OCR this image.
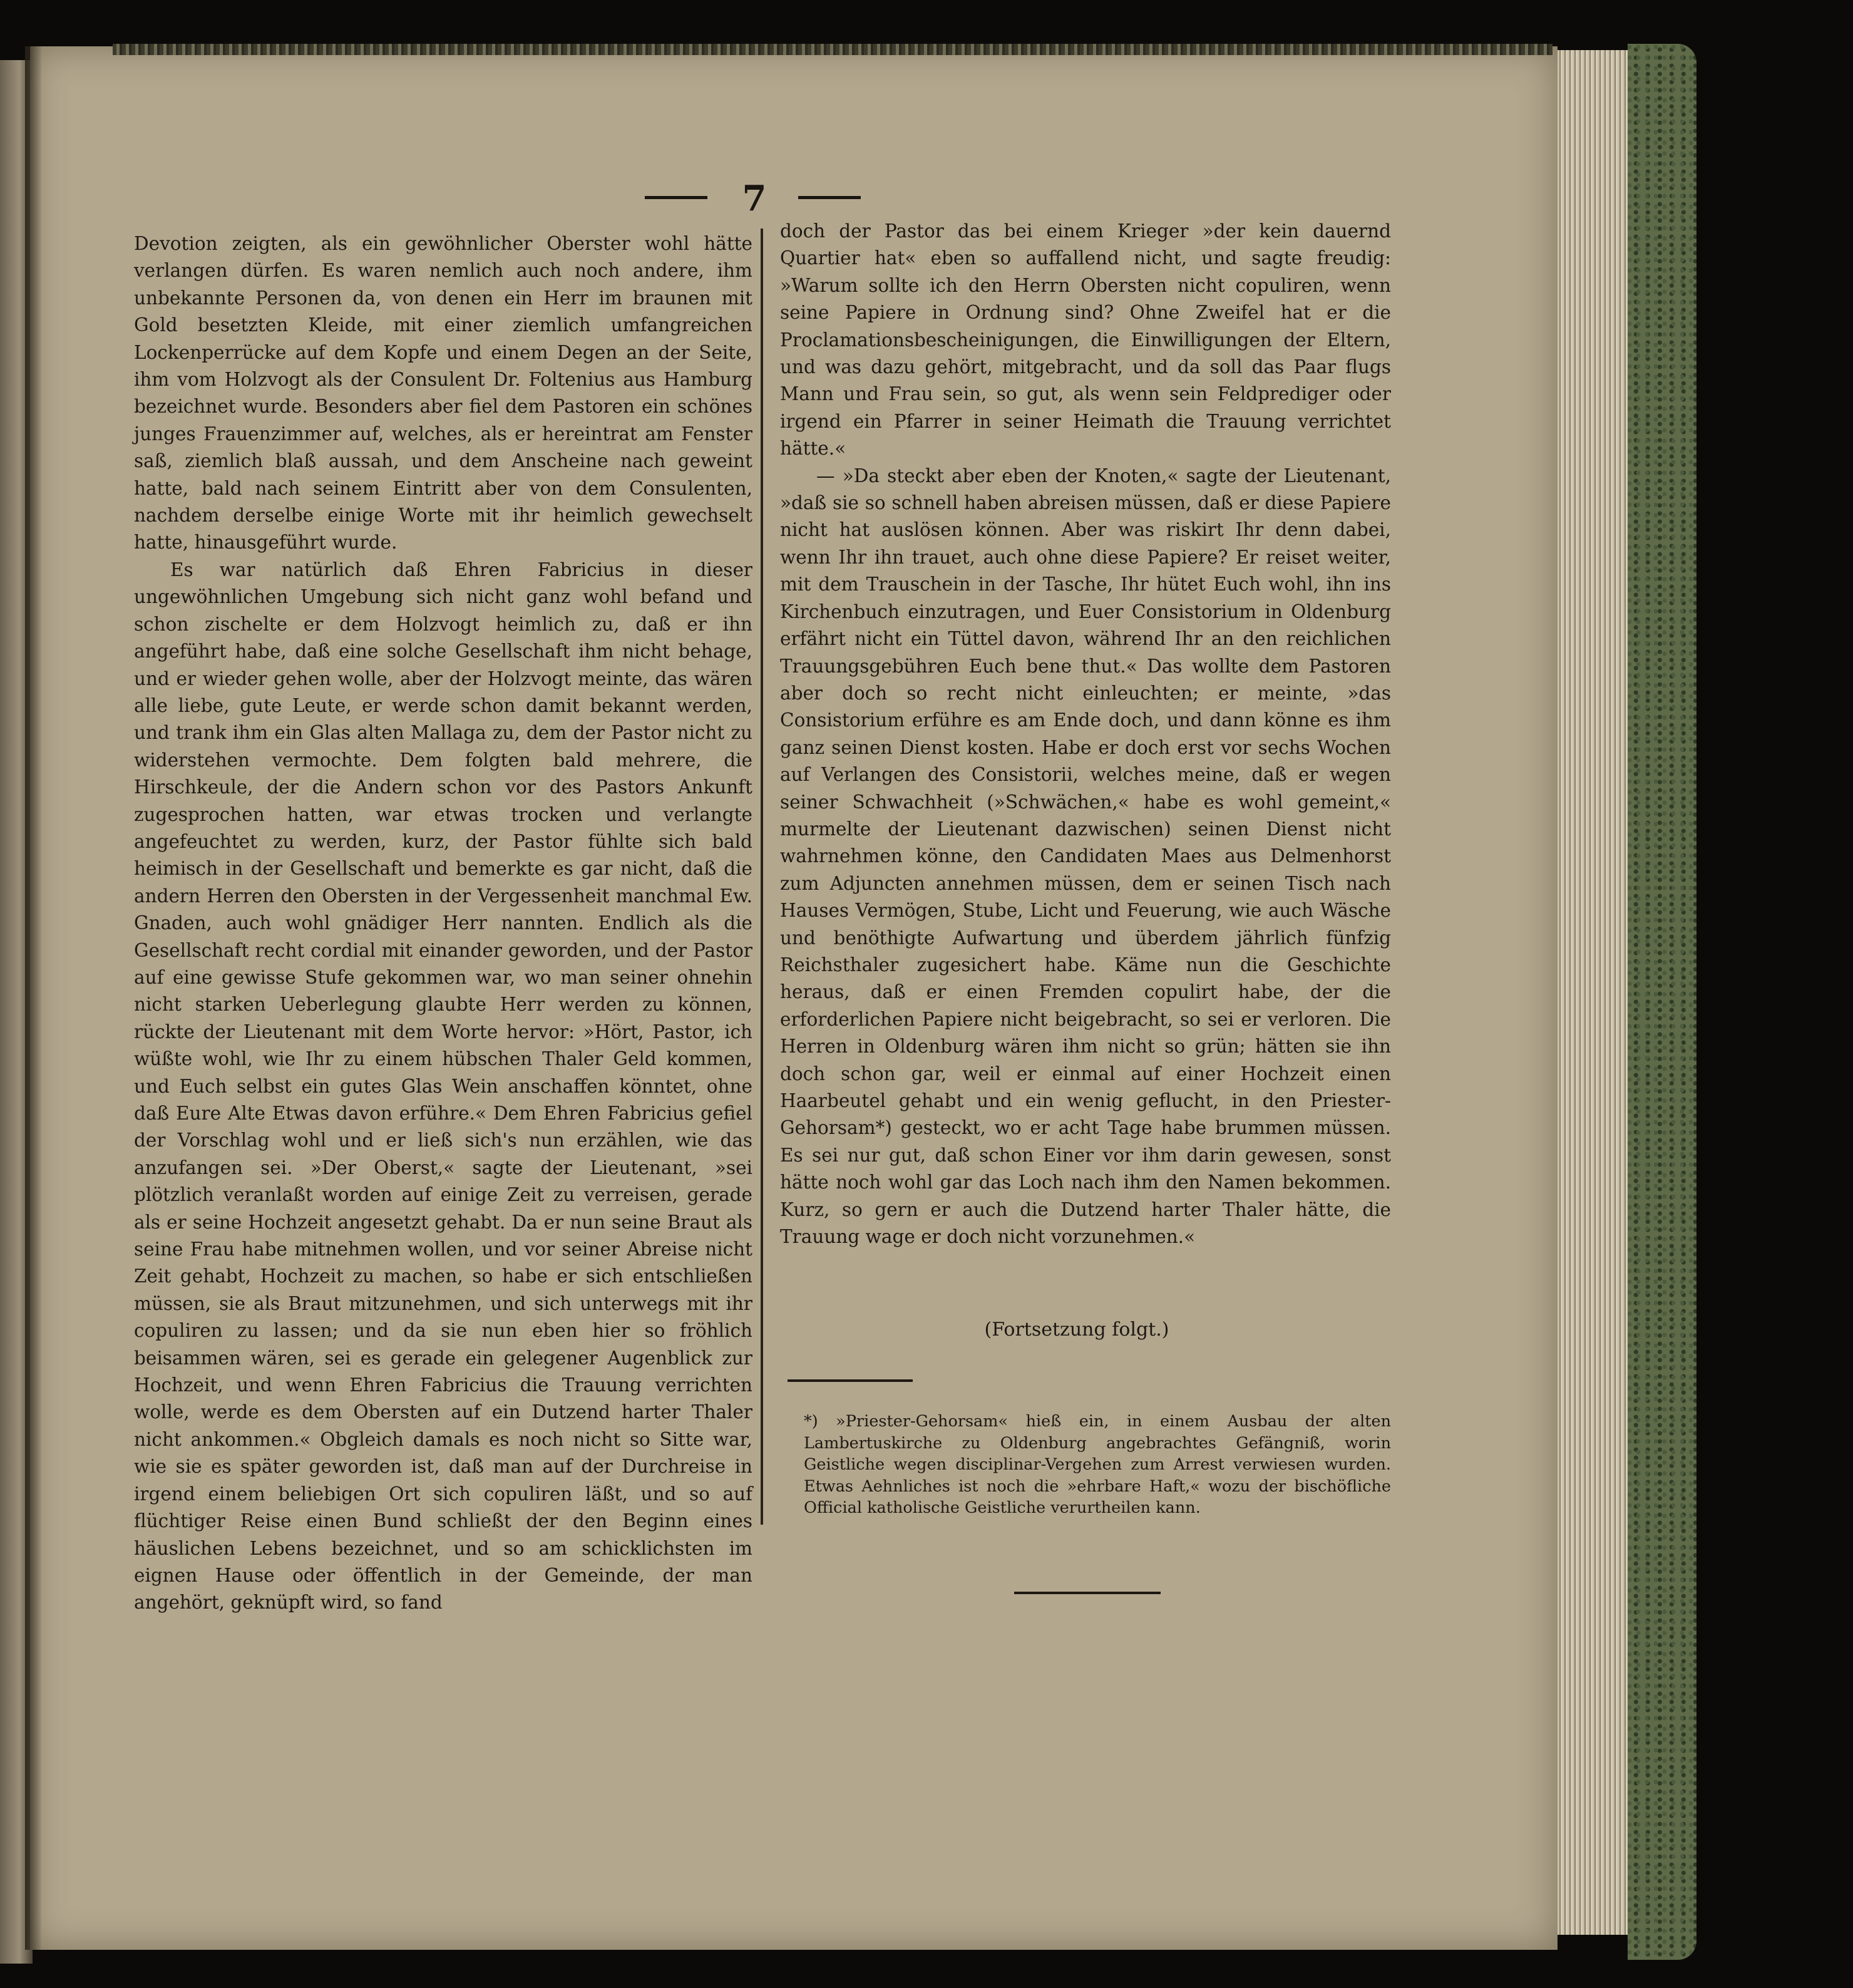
7

Devotion zeigten, als ein gewöhnlicher Oberster wohl hätte verlangen dürfen. Es waren nemlich auch noch andere, ihm unbekannte Personen da, von denen ein Herr im braunen mit Gold besetzten Kleide, mit einer ziemlich umfangreichen Lockenperrücke auf dem Kopfe und einem Degen an der Seite, ihm vom Holzvogt als der Consulent Dr. Foltenius aus Hamburg bezeichnet wurde. Besonders aber fiel dem Pastoren ein schönes junges Frauenzimmer auf, welches, als er hereintrat am Fenster saß, ziemlich blaß aussah, und dem Anscheine nach geweint hatte, bald nach seinem Eintritt aber von dem Consulenten, nachdem derselbe einige Worte mit ihr heimlich gewechselt hatte, hinausgeführt wurde.

Es war natürlich daß Ehren Fabricius in dieser ungewöhnlichen Umgebung sich nicht ganz wohl befand und schon zischelte er dem Holzvogt heimlich zu, daß er ihn angeführt habe, daß eine solche Gesellschaft ihm nicht behage, und er wieder gehen wolle, aber der Holzvogt meinte, das wären alle liebe, gute Leute, er werde schon damit bekannt werden, und trank ihm ein Glas alten Mallaga zu, dem der Pastor nicht zu widerstehen vermochte. Dem folgten bald mehrere, die Hirschkeule, der die Andern schon vor des Pastors Ankunft zugesprochen hatten, war etwas trocken und verlangte angefeuchtet zu werden, kurz, der Pastor fühlte sich bald heimisch in der Gesellschaft und bemerkte es gar nicht, daß die andern Herren den Obersten in der Vergessenheit manchmal Ew. Gnaden, auch wohl gnädiger Herr nannten. Endlich als die Gesellschaft recht cordial mit einander geworden, und der Pastor auf eine gewisse Stufe gekommen war, wo man seiner ohnehin nicht starken Ueberlegung glaubte Herr werden zu können, rückte der Lieutenant mit dem Worte hervor: »Hört, Pastor, ich wüßte wohl, wie Ihr zu einem hübschen Thaler Geld kommen, und Euch selbst ein gutes Glas Wein anschaffen könntet, ohne daß Eure Alte Etwas davon erführe.« Dem Ehren Fabricius gefiel der Vorschlag wohl und er ließ sich's nun erzählen, wie das anzufangen sei. »Der Oberst,« sagte der Lieutenant, »sei plötzlich veranlaßt worden auf einige Zeit zu verreisen, gerade als er seine Hochzeit angesetzt gehabt. Da er nun seine Braut als seine Frau habe mitnehmen wollen, und vor seiner Abreise nicht Zeit gehabt, Hochzeit zu machen, so habe er sich entschließen müssen, sie als Braut mitzunehmen, und sich unterwegs mit ihr copuliren zu lassen; und da sie nun eben hier so fröhlich beisammen wären, sei es gerade ein gelegener Augenblick zur Hochzeit, und wenn Ehren Fabricius die Trauung verrichten wolle, werde es dem Obersten auf ein Dutzend harter Thaler nicht ankommen.« Obgleich damals es noch nicht so Sitte war, wie sie es später geworden ist, daß man auf der Durchreise in irgend einem beliebigen Ort sich copuliren läßt, und so auf flüchtiger Reise einen Bund schließt der den Beginn eines häuslichen Lebens bezeichnet, und so am schicklichsten im eignen Hause oder öffentlich in der Gemeinde, der man angehört, geknüpft wird, so fand

doch der Pastor das bei einem Krieger »der kein dauernd Quartier hat« eben so auffallend nicht, und sagte freudig: »Warum sollte ich den Herrn Obersten nicht copuliren, wenn seine Papiere in Ordnung sind? Ohne Zweifel hat er die Proclamationsbescheinigungen, die Einwilligungen der Eltern, und was dazu gehört, mitgebracht, und da soll das Paar flugs Mann und Frau sein, so gut, als wenn sein Feldprediger oder irgend ein Pfarrer in seiner Heimath die Trauung verrichtet hätte.«

— »Da steckt aber eben der Knoten,« sagte der Lieutenant, »daß sie so schnell haben abreisen müssen, daß er diese Papiere nicht hat auslösen können. Aber was riskirt Ihr denn dabei, wenn Ihr ihn trauet, auch ohne diese Papiere? Er reiset weiter, mit dem Trauschein in der Tasche, Ihr hütet Euch wohl, ihn ins Kirchenbuch einzutragen, und Euer Consistorium in Oldenburg erfährt nicht ein Tüttel davon, während Ihr an den reichlichen Trauungsgebühren Euch bene thut.« Das wollte dem Pastoren aber doch so recht nicht einleuchten; er meinte, »das Consistorium erführe es am Ende doch, und dann könne es ihm ganz seinen Dienst kosten. Habe er doch erst vor sechs Wochen auf Verlangen des Consistorii, welches meine, daß er wegen seiner Schwachheit (»Schwächen,« habe es wohl gemeint,« murmelte der Lieutenant dazwischen) seinen Dienst nicht wahrnehmen könne, den Candidaten Maes aus Delmenhorst zum Adjuncten annehmen müssen, dem er seinen Tisch nach Hauses Vermögen, Stube, Licht und Feuerung, wie auch Wäsche und benöthigte Aufwartung und überdem jährlich fünfzig Reichsthaler zugesichert habe. Käme nun die Geschichte heraus, daß er einen Fremden copulirt habe, der die erforderlichen Papiere nicht beigebracht, so sei er verloren. Die Herren in Oldenburg wären ihm nicht so grün; hätten sie ihn doch schon gar, weil er einmal auf einer Hochzeit einen Haarbeutel gehabt und ein wenig geflucht, in den Priester-Gehorsam*) gesteckt, wo er acht Tage habe brummen müssen. Es sei nur gut, daß schon Einer vor ihm darin gewesen, sonst hätte noch wohl gar das Loch nach ihm den Namen bekommen. Kurz, so gern er auch die Dutzend harter Thaler hätte, die Trauung wage er doch nicht vorzunehmen.«

(Fortsetzung folgt.)
*) »Priester-Gehorsam« hieß ein, in einem Ausbau der alten Lambertuskirche zu Oldenburg angebrachtes Gefängniß, worin Geistliche wegen disciplinar-Vergehen zum Arrest verwiesen wurden. Etwas Aehnliches ist noch die »ehrbare Haft,« wozu der bischöfliche Official katholische Geistliche verurtheilen kann.
